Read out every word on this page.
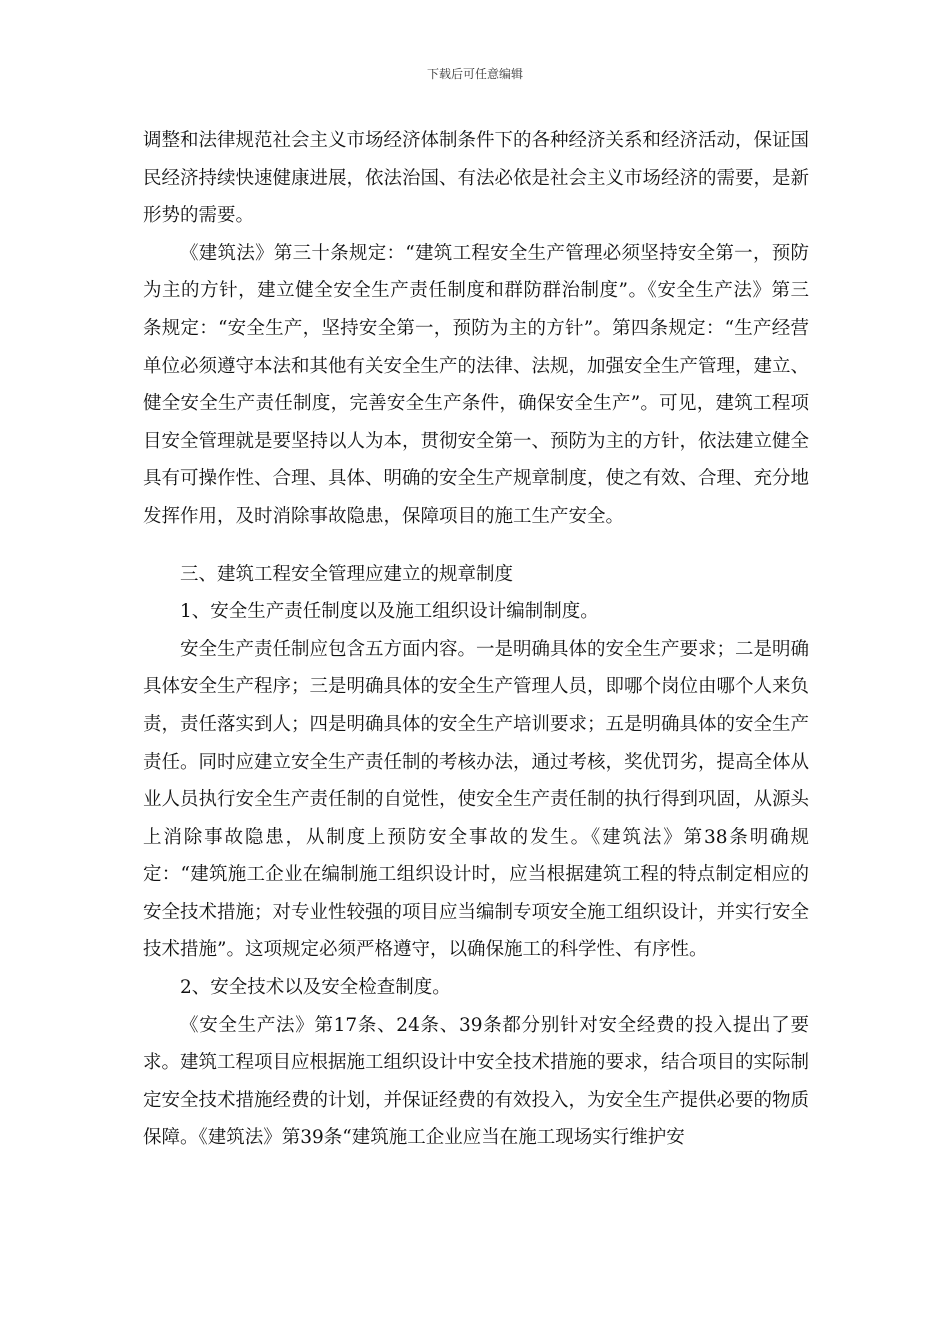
下载后可任意编辑

调整和法律规范社会主义市场经济体制条件下的各种经济关系和经济活动，保证国民经济持续快速健康进展，依法治国、有法必依是社会主义市场经济的需要，是新形势的需要。

《建筑法》第三十条规定：“建筑工程安全生产管理必须坚持安全第一，预防为主的方针，建立健全安全生产责任制度和群防群治制度”。《安全生产法》第三条规定：“安全生产，坚持安全第一，预防为主的方针”。第四条规定：“生产经营单位必须遵守本法和其他有关安全生产的法律、法规，加强安全生产管理，建立、健全安全生产责任制度，完善安全生产条件，确保安全生产”。可见，建筑工程项目安全管理就是要坚持以人为本，贯彻安全第一、预防为主的方针，依法建立健全具有可操作性、合理、具体、明确的安全生产规章制度，使之有效、合理、充分地发挥作用，及时消除事故隐患，保障项目的施工生产安全。

三、建筑工程安全管理应建立的规章制度

1、安全生产责任制度以及施工组织设计编制制度。

安全生产责任制应包含五方面内容。一是明确具体的安全生产要求；二是明确具体安全生产程序；三是明确具体的安全生产管理人员，即哪个岗位由哪个人来负责，责任落实到人；四是明确具体的安全生产培训要求；五是明确具体的安全生产责任。同时应建立安全生产责任制的考核办法，通过考核，奖优罚劣，提高全体从业人员执行安全生产责任制的自觉性，使安全生产责任制的执行得到巩固，从源头上消除事故隐患，从制度上预防安全事故的发生。《建筑法》第38条明确规定：“建筑施工企业在编制施工组织设计时，应当根据建筑工程的特点制定相应的安全技术措施；对专业性较强的项目应当编制专项安全施工组织设计，并实行安全技术措施”。这项规定必须严格遵守，以确保施工的科学性、有序性。

2、安全技术以及安全检查制度。

《安全生产法》第17条、24条、39条都分别针对安全经费的投入提出了要求。建筑工程项目应根据施工组织设计中安全技术措施的要求，结合项目的实际制定安全技术措施经费的计划，并保证经费的有效投入，为安全生产提供必要的物质保障。《建筑法》第39条“建筑施工企业应当在施工现场实行维护安
